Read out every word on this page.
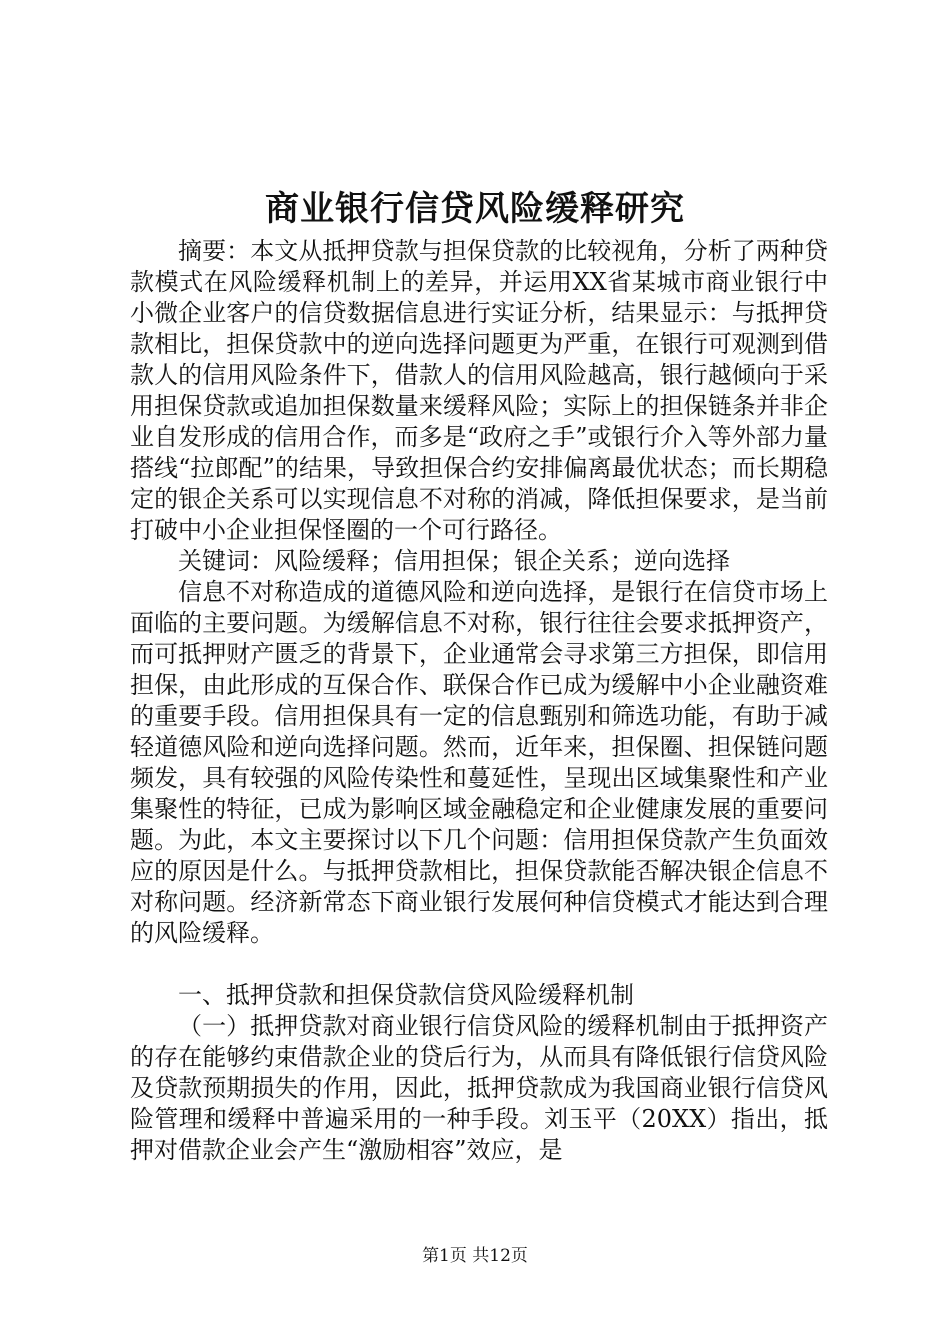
商业银行信贷风险缓释研究

摘要：本文从抵押贷款与担保贷款的比较视角，分析了两种贷款模式在风险缓释机制上的差异，并运用XX省某城市商业银行中小微企业客户的信贷数据信息进行实证分析，结果显示：与抵押贷款相比，担保贷款中的逆向选择问题更为严重，在银行可观测到借款人的信用风险条件下，借款人的信用风险越高，银行越倾向于采用担保贷款或追加担保数量来缓释风险；实际上的担保链条并非企业自发形成的信用合作，而多是“政府之手”或银行介入等外部力量搭线“拉郎配”的结果，导致担保合约安排偏离最优状态；而长期稳定的银企关系可以实现信息不对称的消减，降低担保要求，是当前打破中小企业担保怪圈的一个可行路径。

关键词：风险缓释；信用担保；银企关系；逆向选择

信息不对称造成的道德风险和逆向选择，是银行在信贷市场上面临的主要问题。为缓解信息不对称，银行往往会要求抵押资产，而可抵押财产匮乏的背景下，企业通常会寻求第三方担保，即信用担保，由此形成的互保合作、联保合作已成为缓解中小企业融资难的重要手段。信用担保具有一定的信息甄别和筛选功能，有助于减轻道德风险和逆向选择问题。然而，近年来，担保圈、担保链问题频发，具有较强的风险传染性和蔓延性，呈现出区域集聚性和产业集聚性的特征，已成为影响区域金融稳定和企业健康发展的重要问题。为此，本文主要探讨以下几个问题：信用担保贷款产生负面效应的原因是什么。与抵押贷款相比，担保贷款能否解决银企信息不对称问题。经济新常态下商业银行发展何种信贷模式才能达到合理的风险缓释。

一、抵押贷款和担保贷款信贷风险缓释机制

（一）抵押贷款对商业银行信贷风险的缓释机制由于抵押资产的存在能够约束借款企业的贷后行为，从而具有降低银行信贷风险及贷款预期损失的作用，因此，抵押贷款成为我国商业银行信贷风险管理和缓释中普遍采用的一种手段。刘玉平（20XX）指出，抵押对借款企业会产生“激励相容”效应，是

第1页 共12页
